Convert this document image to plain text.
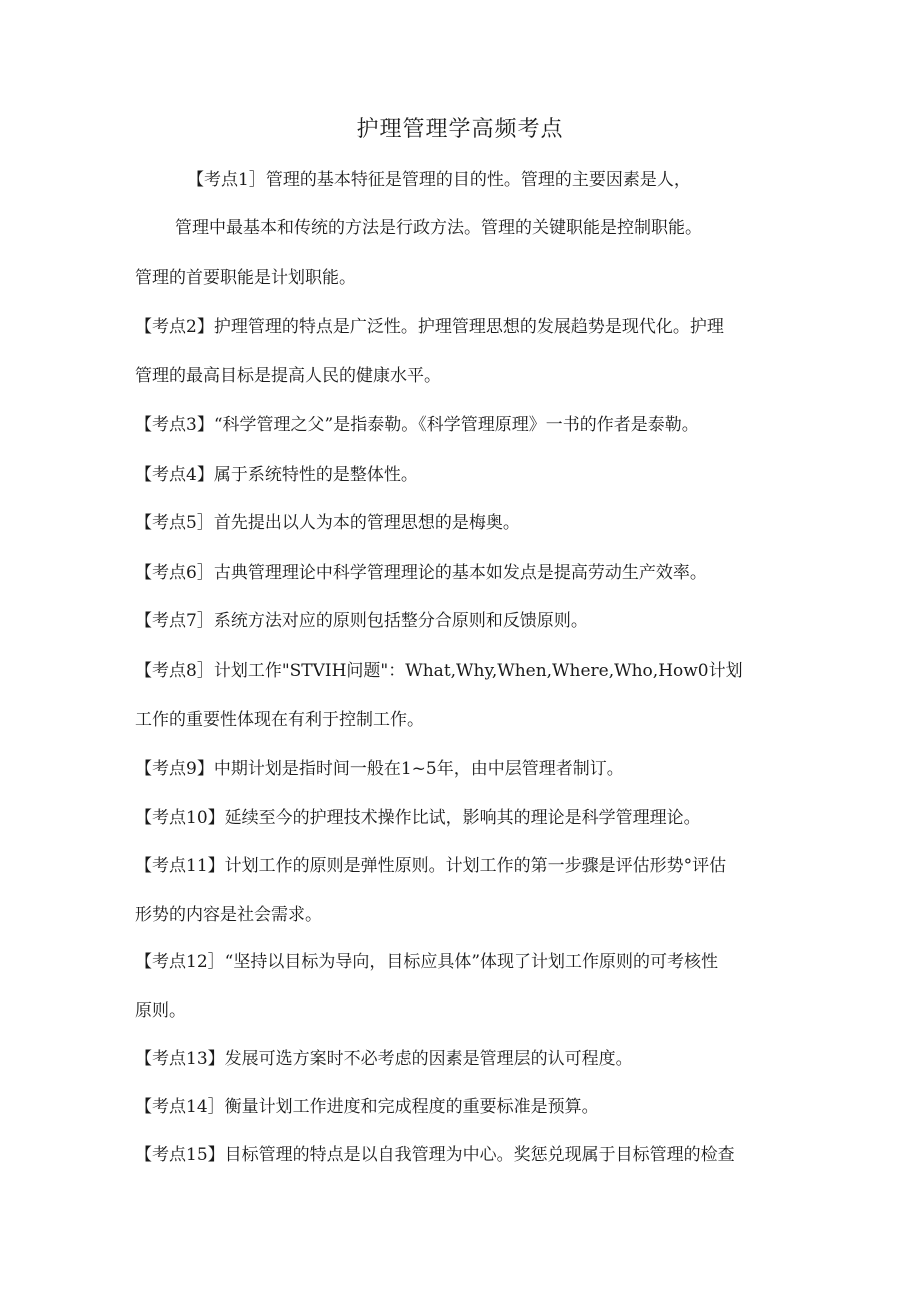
护理管理学高频考点
【考点1］管理的基本特征是管理的目的性。管理的主要因素是人，
管理中最基本和传统的方法是行政方法。管理的关键职能是控制职能。
管理的首要职能是计划职能。
【考点2】护理管理的特点是广泛性。护理管理思想的发展趋势是现代化。护理
管理的最高目标是提高人民的健康水平。
【考点3】“科学管理之父”是指泰勒。《科学管理原理》一书的作者是泰勒。
【考点4】属于系统特性的是整体性。
【考点5］首先提出以人为本的管理思想的是梅奥。
【考点6］古典管理理论中科学管理理论的基本如发点是提高劳动生产效率。
【考点7］系统方法对应的原则包括整分合原则和反馈原则。
【考点8］计划工作"STVIH问题"：What,Why,When,Where,Who,How0计划
工作的重要性体现在有利于控制工作。
【考点9】中期计划是指时间一般在1~5年，由中层管理者制订。
【考点10】延续至今的护理技术操作比试，影响其的理论是科学管理理论。
【考点11】计划工作的原则是弹性原则。计划工作的第一步骤是评估形势°评估
形势的内容是社会需求。
【考点12］“坚持以目标为导向，目标应具体”体现了计划工作原则的可考核性
原则。
【考点13】发展可选方案时不必考虑的因素是管理层的认可程度。
【考点14］衡量计划工作进度和完成程度的重要标准是预算。
【考点15】目标管理的特点是以自我管理为中心。奖惩兑现属于目标管理的检查
